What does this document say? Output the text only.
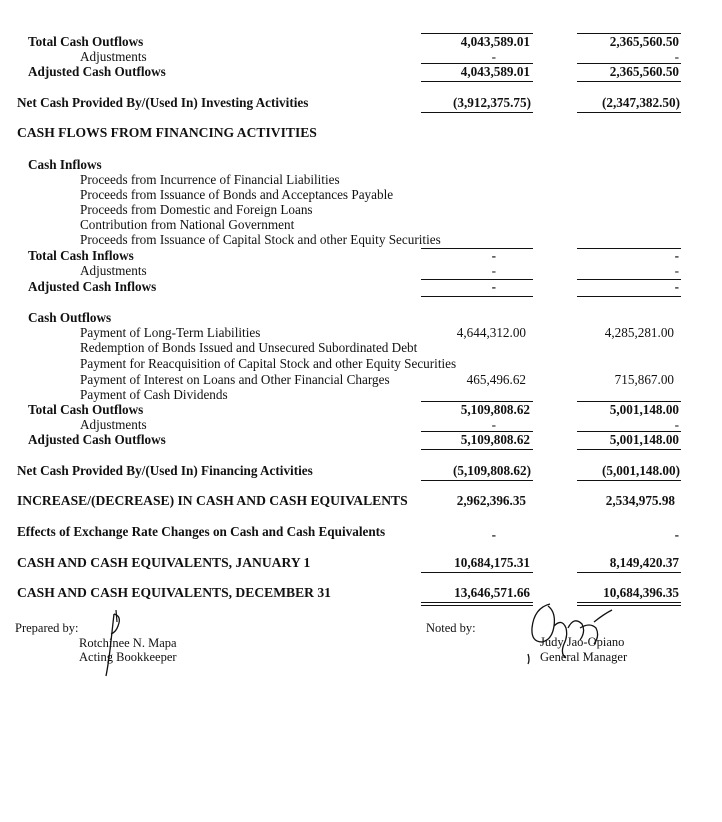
Total Cash Outflows	4,043,589.01	2,365,560.50
Adjustments	-	-
Adjusted Cash Outflows	4,043,589.01	2,365,560.50
Net Cash Provided By/(Used In) Investing Activities	(3,912,375.75)	(2,347,382.50)
CASH FLOWS FROM FINANCING ACTIVITIES
Cash Inflows
Proceeds from Incurrence of Financial Liabilities
Proceeds from Issuance of Bonds and Acceptances Payable
Proceeds from Domestic and Foreign Loans
Contribution from National Government
Proceeds from Issuance of Capital Stock and other Equity Securities
Total Cash Inflows	-	-
Adjustments	-	-
Adjusted Cash Inflows	-	-
Cash Outflows
Payment of Long-Term Liabilities	4,644,312.00	4,285,281.00
Redemption of Bonds Issued and Unsecured Subordinated Debt
Payment for Reacquisition of Capital Stock and other Equity Securities
Payment of Interest on Loans and Other Financial Charges	465,496.62	715,867.00
Payment of Cash Dividends
Total Cash Outflows	5,109,808.62	5,001,148.00
Adjustments	-	-
Adjusted Cash Outflows	5,109,808.62	5,001,148.00
Net Cash Provided By/(Used In) Financing Activities	(5,109,808.62)	(5,001,148.00)
INCREASE/(DECREASE) IN CASH AND CASH EQUIVALENTS	2,962,396.35	2,534,975.98
Effects of Exchange Rate Changes on Cash and Cash Equivalents	-	-
CASH AND CASH EQUIVALENTS, JANUARY 1	10,684,175.31	8,149,420.37
CASH AND CASH EQUIVALENTS, DECEMBER 31	13,646,571.66	10,684,396.35
Prepared by:
Rotchinee N. Mapa
Acting Bookkeeper
Noted by:
Judy Jao-Opiano
General Manager
